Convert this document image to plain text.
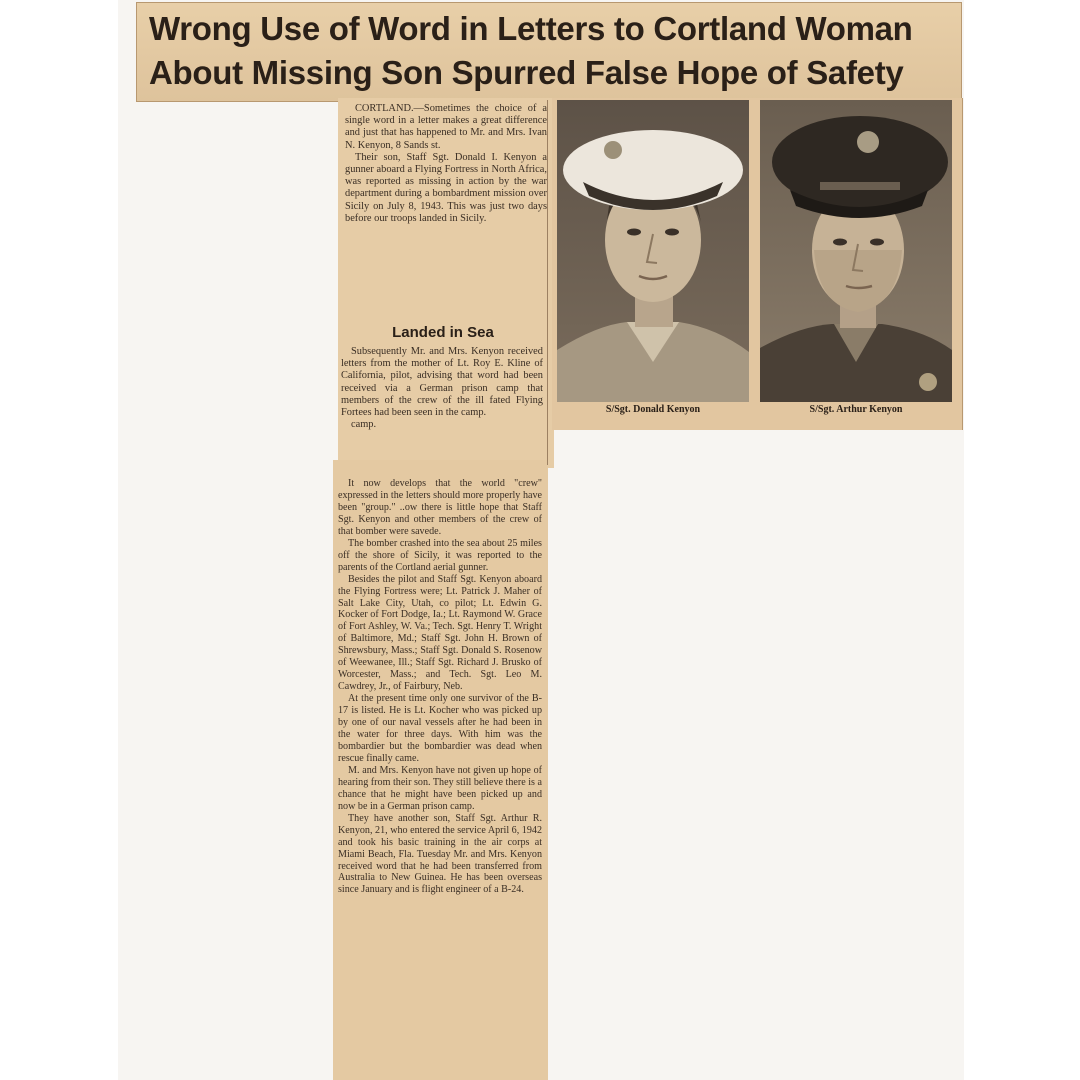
Wrong Use of Word in Letters to Cortland Woman
About Missing Son Spurred False Hope of Safety

CORTLAND.—Sometimes the choice of a single word in a letter makes a great difference and just that has happened to Mr. and Mrs. Ivan N. Kenyon, 8 Sands st.

Their son, Staff Sgt. Donald I. Kenyon a gunner aboard a Flying Fortress in North Africa, was reported as missing in action by the war department during a bombardment mission over Sicily on July 8, 1943. This was just two days before our troops landed in Sicily.

Landed in Sea

Subsequently Mr. and Mrs. Kenyon received letters from the mother of Lt. Roy E. Kline of California, pilot, advising that word had been received via a German prison camp that members of the crew of the ill fated Flying Fortees had been seen in the camp.

camp.

It now develops that the world "crew" expressed in the letters should more properly have been "group." ..ow there is little hope that Staff Sgt. Kenyon and other members of the crew of that bomber were savede.

The bomber crashed into the sea about 25 miles off the shore of Sicily, it was reported to the parents of the Cortland aerial gunner.

Besides the pilot and Staff Sgt. Kenyon aboard the Flying Fortress were; Lt. Patrick J. Maher of Salt Lake City, Utah, co pilot; Lt. Edwin G. Kocker of Fort Dodge, Ia.; Lt. Raymond W. Grace of Fort Ashley, W. Va.; Tech. Sgt. Henry T. Wright of Baltimore, Md.; Staff Sgt. John H. Brown of Shrewsbury, Mass.; Staff Sgt. Donald S. Rosenow of Weewanee, Ill.; Staff Sgt. Richard J. Brusko of Worcester, Mass.; and Tech. Sgt. Leo M. Cawdrey, Jr., of Fairbury, Neb.

At the present time only one survivor of the B-17 is listed. He is Lt. Kocher who was picked up by one of our naval vessels after he had been in the water for three days. With him was the bombardier but the bombardier was dead when rescue finally came.

M. and Mrs. Kenyon have not given up hope of hearing from their son. They still believe there is a chance that he might have been picked up and now be in a German prison camp.

They have another son, Staff Sgt. Arthur R. Kenyon, 21, who entered the service April 6, 1942 and took his basic training in the air corps at Miami Beach, Fla. Tuesday Mr. and Mrs. Kenyon received word that he had been transferred from Australia to New Guinea. He has been overseas since January and is flight engineer of a B-24.

S/Sgt. Donald Kenyon	S/Sgt. Arthur Kenyon
